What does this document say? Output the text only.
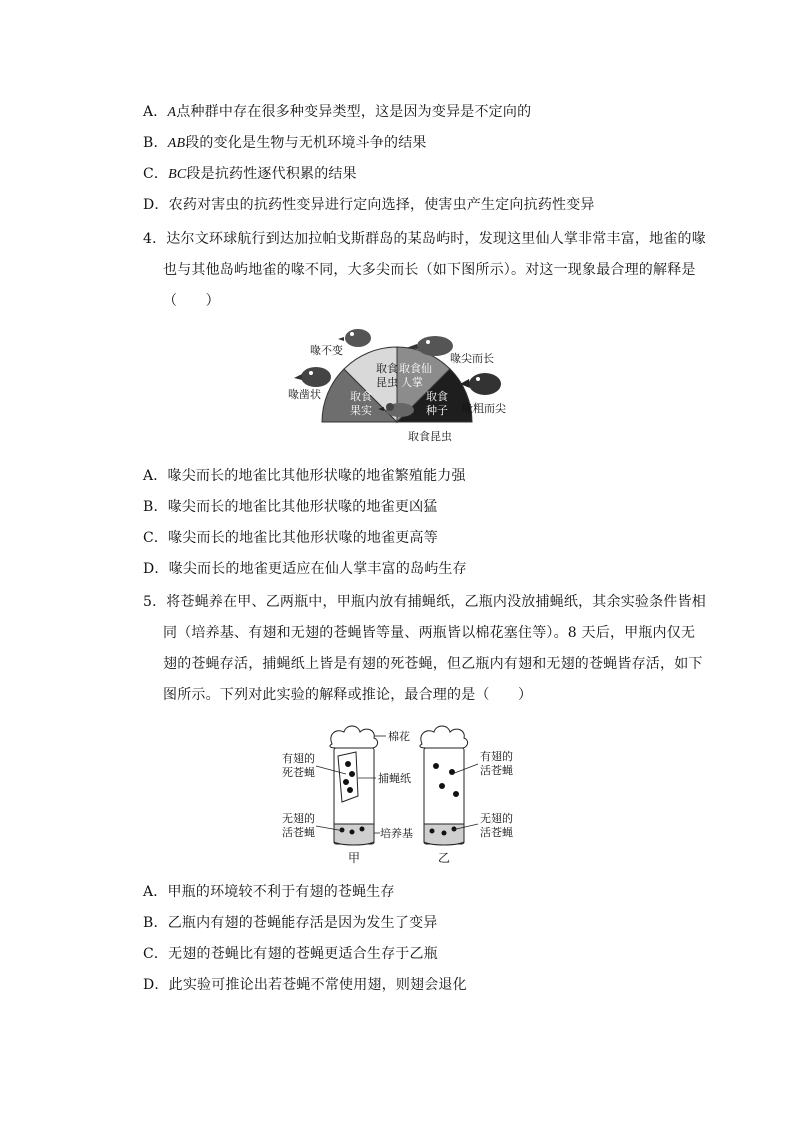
A．A点种群中存在很多种变异类型，这是因为变异是不定向的
B．AB段的变化是生物与无机环境斗争的结果
C．BC段是抗药性逐代积累的结果
D．农药对害虫的抗药性变异进行定向选择，使害虫产生定向抗药性变异
4．达尔文环球航行到达加拉帕戈斯群岛的某岛屿时，发现这里仙人掌非常丰富，地雀的喙
也与其他岛屿地雀的喙不同，大多尖而长（如下图所示）。对这一现象最合理的解释是
（　　）
取食
果实
取食
昆虫
取食仙
人掌
取食
种子
喙不变
喙尖而长
喙凿状
喙粗而尖
取食昆虫
A．喙尖而长的地雀比其他形状喙的地雀繁殖能力强
B．喙尖而长的地雀比其他形状喙的地雀更凶猛
C．喙尖而长的地雀比其他形状喙的地雀更高等
D．喙尖而长的地雀更适应在仙人掌丰富的岛屿生存
5．将苍蝇养在甲、乙两瓶中，甲瓶内放有捕蝇纸，乙瓶内没放捕蝇纸，其余实验条件皆相
同（培养基、有翅和无翅的苍蝇皆等量、两瓶皆以棉花塞住等）。8 天后，甲瓶内仅无
翅的苍蝇存活，捕蝇纸上皆是有翅的死苍蝇，但乙瓶内有翅和无翅的苍蝇皆存活，如下
图所示。下列对此实验的解释或推论，最合理的是（　　）
棉花
有翅的
死苍蝇	捕蝇纸
无翅的
活苍蝇	培养基
有翅的
活苍蝇
无翅的
活苍蝇
甲	乙
A．甲瓶的环境较不利于有翅的苍蝇生存
B．乙瓶内有翅的苍蝇能存活是因为发生了变异
C．无翅的苍蝇比有翅的苍蝇更适合生存于乙瓶
D．此实验可推论出若苍蝇不常使用翅，则翅会退化
